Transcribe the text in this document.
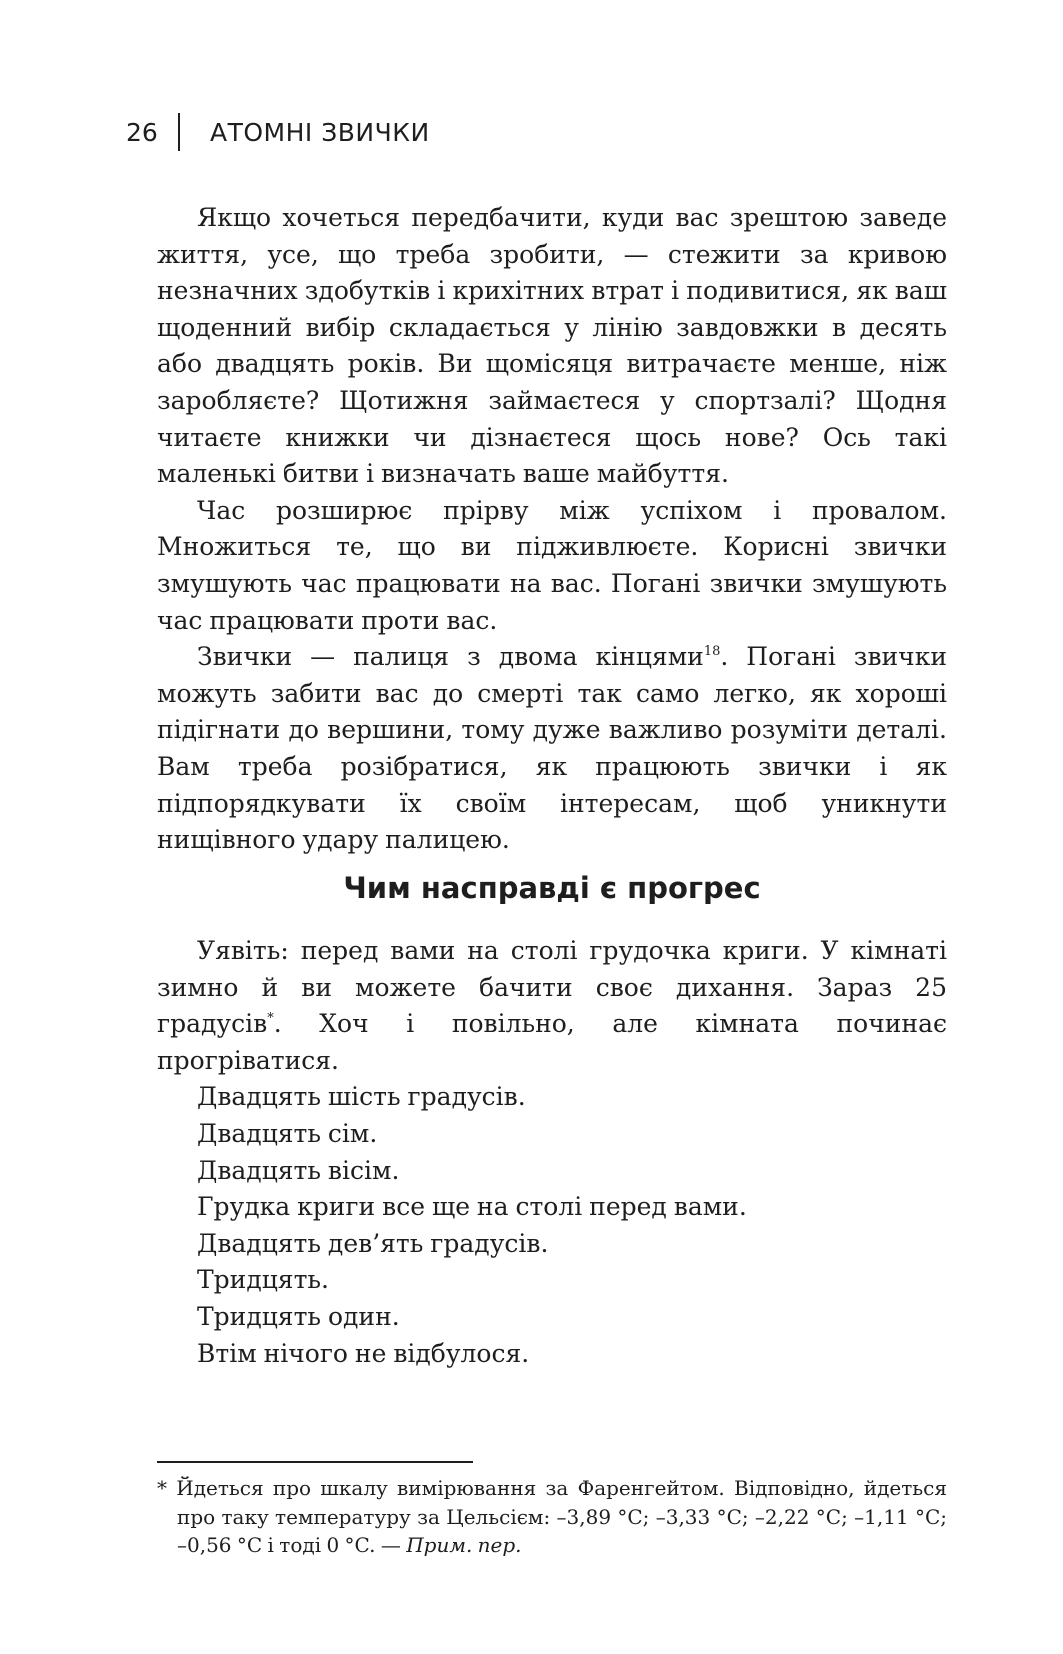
26	АТОМНІ ЗВИЧКИ

Якщо хочеться передбачити, куди вас зрештою заведе життя, усе, що треба зробити, — стежити за кривою незначних здобутків і крихітних втрат і подивитися, як ваш щоденний вибір складається у лінію завдовжки в десять або двадцять років. Ви щомісяця витрачаєте менше, ніж заробляєте? Щотижня займаєтеся у спортзалі? Щодня читаєте книжки чи дізнаєтеся щось нове? Ось такі маленькі битви і визначать ваше майбуття.

Час розширює прірву між успіхом і провалом. Множиться те, що ви підживлюєте. Корисні звички змушують час працювати на вас. Погані звички змушують час працювати проти вас.

Звички — палиця з двома кінцями$^{18}$. Погані звички можуть забити вас до смерті так само легко, як хороші підігнати до вершини, тому дуже важливо розуміти деталі. Вам треба розібратися, як працюють звички і як підпорядкувати їх своїм інтересам, щоб уникнути нищівного удару палицею.

Чим насправді є прогрес

Уявіть: перед вами на столі грудочка криги. У кімнаті зимно й ви можете бачити своє дихання. Зараз 25 градусів*. Хоч і повільно, але кімната починає прогріватися.

Двадцять шість градусів.

Двадцять сім.

Двадцять вісім.

Грудка криги все ще на столі перед вами.

Двадцять дев’ять градусів.

Тридцять.

Тридцять один.

Втім нічого не відбулося.

* Йдеться про шкалу вимірювання за Фаренгейтом. Відповідно, йдеться про таку температуру за Цельсієм: –3,89 °C; –3,33 °C; –2,22 °C; –1,11 °C; –0,56 °C і тоді 0 °C. — Прим. пер.
